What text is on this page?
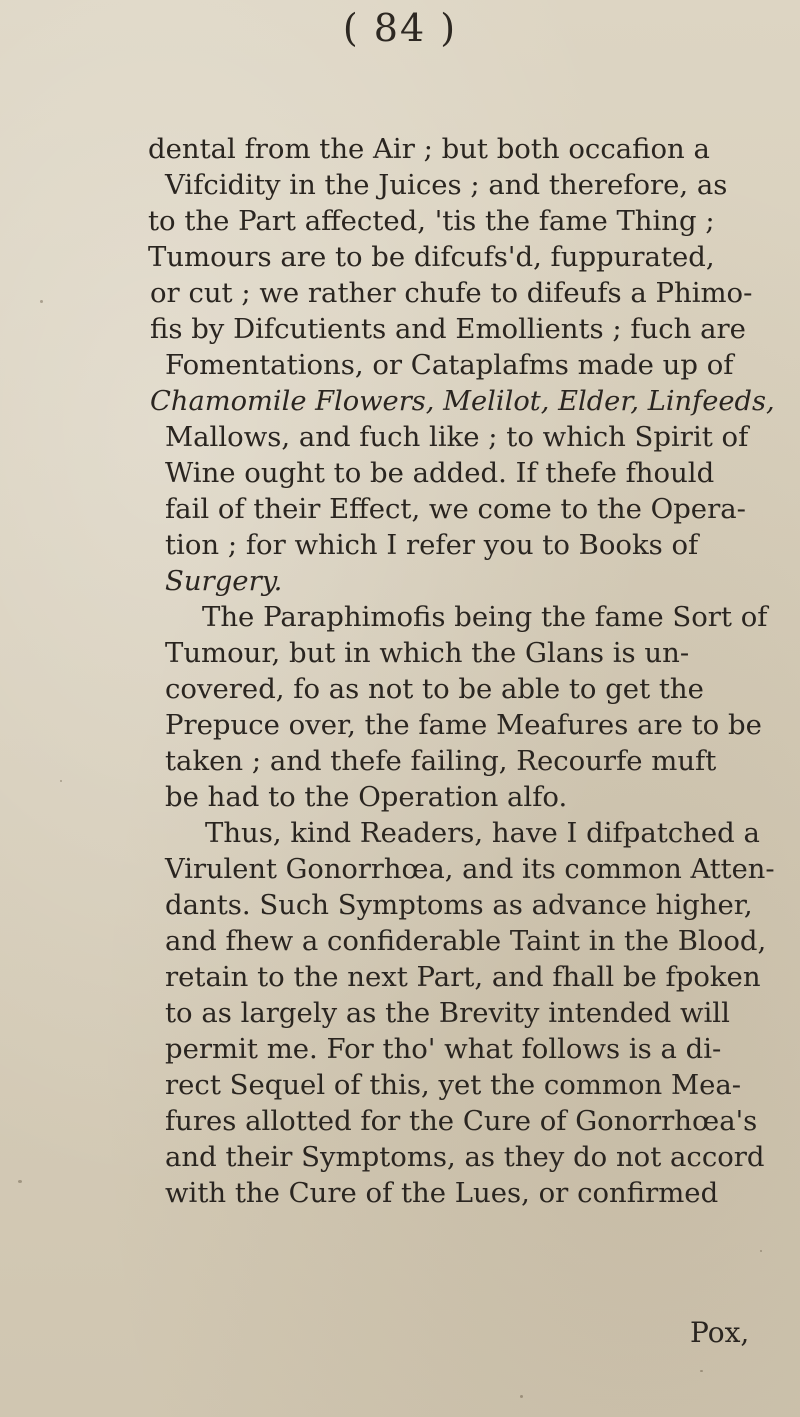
( 84 )
dental from the Air ; but both occafion a
Vifcidity in the Juices ; and therefore, as
to the Part affected, 'tis the fame Thing ;
Tumours are to be difcufs'd, fuppurated,
or cut ; we rather chufe to difeufs a Phimo-
fis by Difcutients and Emollients ; fuch are
Fomentations, or Cataplafms made up of
Chamomile Flowers, Melilot, Elder, Linfeeds,
Mallows, and fuch like ; to which Spirit of
Wine ought to be added. If thefe fhould
fail of their Effect, we come to the Opera-
tion ; for which I refer you to Books of
Surgery.
The Paraphimofis being the fame Sort of
Tumour, but in which the Glans is un-
covered, fo as not to be able to get the
Prepuce over, the fame Meafures are to be
taken ; and thefe failing, Recourfe muft
be had to the Operation alfo.
Thus, kind Readers, have I difpatched a
Virulent Gonorrhœa, and its common Atten-
dants. Such Symptoms as advance higher,
and fhew a confiderable Taint in the Blood,
retain to the next Part, and fhall be fpoken
to as largely as the Brevity intended will
permit me. For tho' what follows is a di-
rect Sequel of this, yet the common Mea-
fures allotted for the Cure of Gonorrhœa's
and their Symptoms, as they do not accord
with the Cure of the Lues, or confirmed
Pox,
